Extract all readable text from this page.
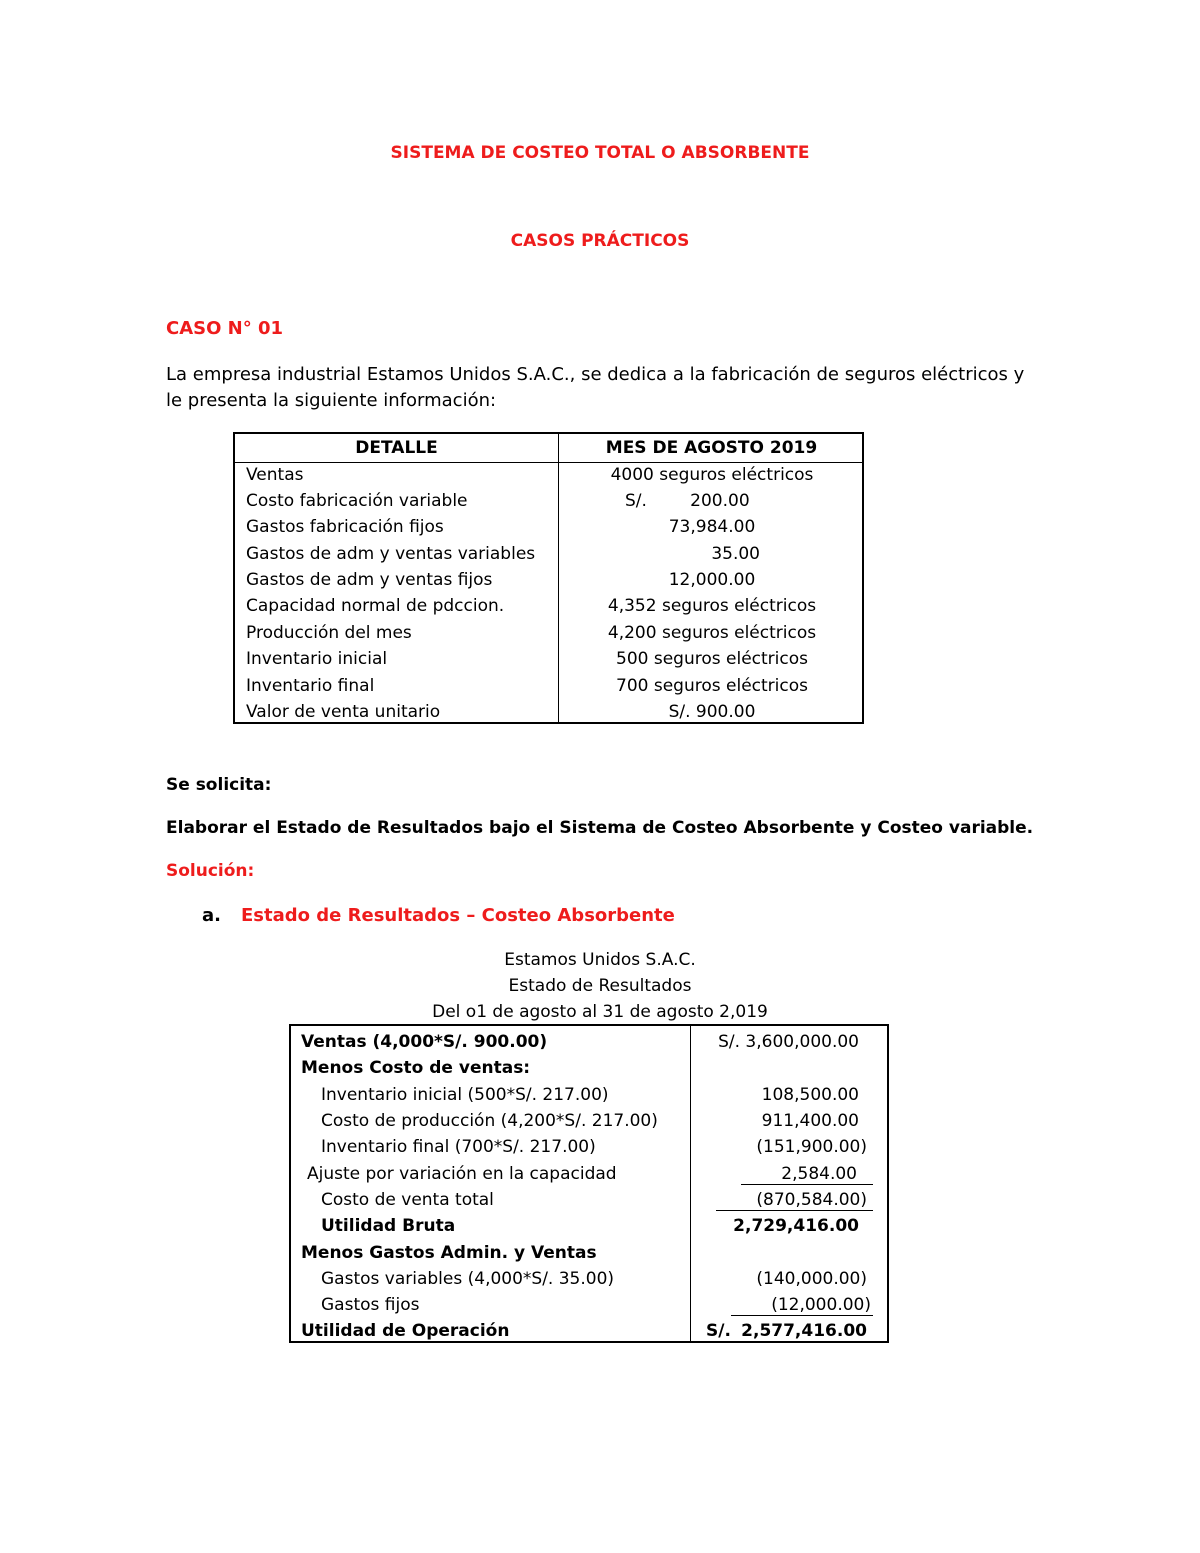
SISTEMA DE COSTEO TOTAL O ABSORBENTE
CASOS PRÁCTICOS
CASO N° 01
La empresa industrial Estamos Unidos S.A.C., se dedica a la fabricación de seguros eléctricos y le presenta la siguiente información:
DETALLE	MES DE AGOSTO 2019
Ventas	4000 seguros eléctricos
Costo fabricación variable	S/.        200.00
Gastos fabricación fijos	73,984.00
Gastos de adm y ventas variables	35.00
Gastos de adm y ventas fijos	12,000.00
Capacidad normal de pdccion.	4,352 seguros eléctricos
Producción del mes	4,200 seguros eléctricos
Inventario inicial	500 seguros eléctricos
Inventario final	700 seguros eléctricos
Valor de venta unitario	S/. 900.00
Se solicita:
Elaborar el Estado de Resultados bajo el Sistema de Costeo Absorbente y Costeo variable.
Solución:
a. Estado de Resultados – Costeo Absorbente
Estamos Unidos S.A.C.
Estado de Resultados
Del o1 de agosto al 31 de agosto 2,019
Ventas (4,000*S/. 900.00)	S/. 3,600,000.00
Menos Costo de ventas:
Inventario inicial (500*S/. 217.00)	108,500.00
Costo de producción (4,200*S/. 217.00)	911,400.00
Inventario final (700*S/. 217.00)	(151,900.00)
Ajuste por variación en la capacidad	2,584.00
Costo de venta total	(870,584.00)
Utilidad Bruta	2,729,416.00
Menos Gastos Admin. y Ventas
Gastos variables (4,000*S/. 35.00)	(140,000.00)
Gastos fijos	(12,000.00)
Utilidad de Operación	S/. 2,577,416.00
